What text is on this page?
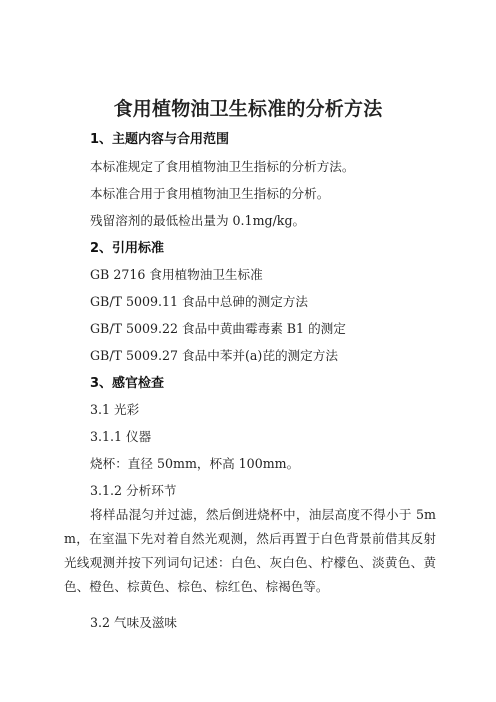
食用植物油卫生标准的分析方法
1、主题内容与合用范围
本标准规定了食用植物油卫生指标的分析方法。
本标准合用于食用植物油卫生指标的分析。
残留溶剂的最低检出量为 0.1mg/kg。
2、引用标准
GB 2716 食用植物油卫生标准
GB/T 5009.11 食品中总砷的测定方法
GB/T 5009.22 食品中黄曲霉毒素 B1 的测定
GB/T 5009.27 食品中苯并(a)芘的测定方法
3、感官检查
3.1 光彩
3.1.1 仪器
烧杯：直径 50mm，杯高 100mm。
3.1.2 分析环节
将样品混匀并过滤，然后倒进烧杯中，油层高度不得小于 5mm，在室温下先对着自然光观测，然后再置于白色背景前借其反射光线观测并按下列词句记述：白色、灰白色、柠檬色、淡黄色、黄色、橙色、棕黄色、棕色、棕红色、棕褐色等。
3.2 气味及滋味
